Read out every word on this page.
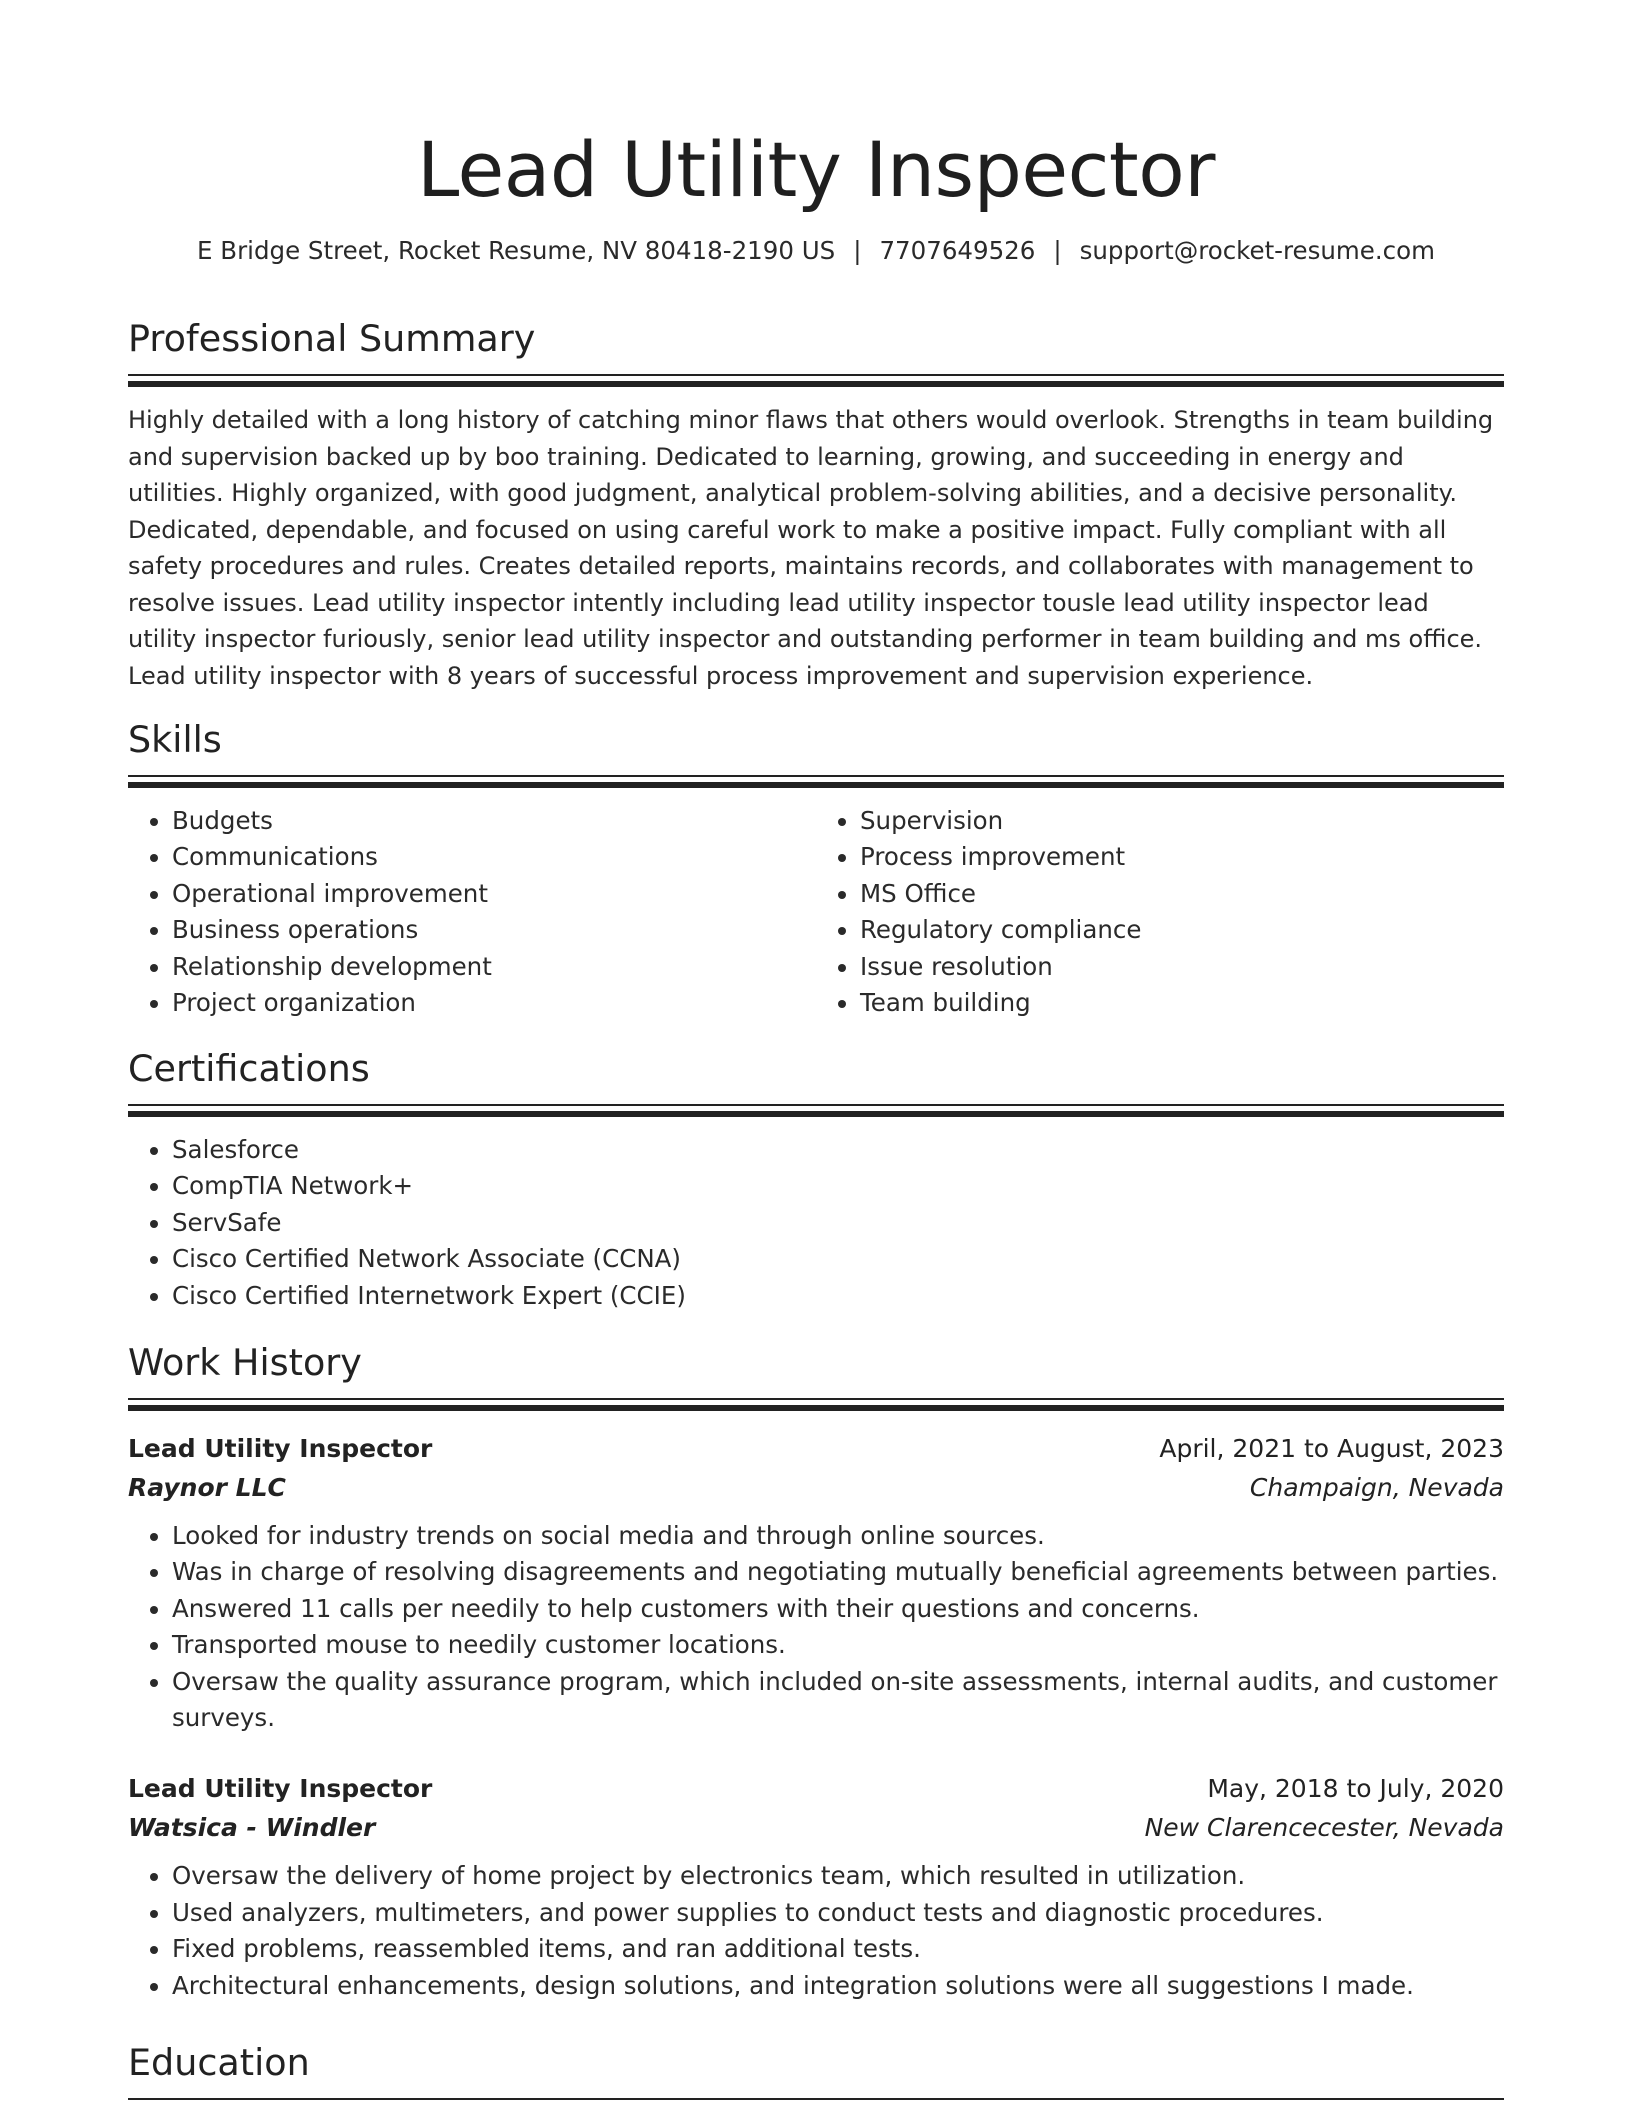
Lead Utility Inspector
E Bridge Street, Rocket Resume, NV 80418-2190 US | 7707649526 | support@rocket-resume.com
Professional Summary

Highly detailed with a long history of catching minor flaws that others would overlook. Strengths in team building and supervision backed up by boo training. Dedicated to learning, growing, and succeeding in energy and utilities. Highly organized, with good judgment, analytical problem-solving abilities, and a decisive personality. Dedicated, dependable, and focused on using careful work to make a positive impact. Fully compliant with all safety procedures and rules. Creates detailed reports, maintains records, and collaborates with management to resolve issues. Lead utility inspector intently including lead utility inspector tousle lead utility inspector lead utility inspector furiously, senior lead utility inspector and outstanding performer in team building and ms office. Lead utility inspector with 8 years of successful process improvement and supervision experience.

Skills
• Budgets
• Communications
• Operational improvement
• Business operations
• Relationship development
• Project organization
• Supervision
• Process improvement
• MS Office
• Regulatory compliance
• Issue resolution
• Team building
Certifications
• Salesforce
• CompTIA Network+
• ServSafe
• Cisco Certified Network Associate (CCNA)
• Cisco Certified Internetwork Expert (CCIE)
Work History
Lead Utility Inspector	April, 2021 to August, 2023
Raynor LLC	Champaign, Nevada
• Looked for industry trends on social media and through online sources.
• Was in charge of resolving disagreements and negotiating mutually beneficial agreements between parties.
• Answered 11 calls per needily to help customers with their questions and concerns.
• Transported mouse to needily customer locations.
• Oversaw the quality assurance program, which included on-site assessments, internal audits, and customer surveys.
Lead Utility Inspector	May, 2018 to July, 2020
Watsica - Windler	New Clarencecester, Nevada
• Oversaw the delivery of home project by electronics team, which resulted in utilization.
• Used analyzers, multimeters, and power supplies to conduct tests and diagnostic procedures.
• Fixed problems, reassembled items, and ran additional tests.
• Architectural enhancements, design solutions, and integration solutions were all suggestions I made.
Education
